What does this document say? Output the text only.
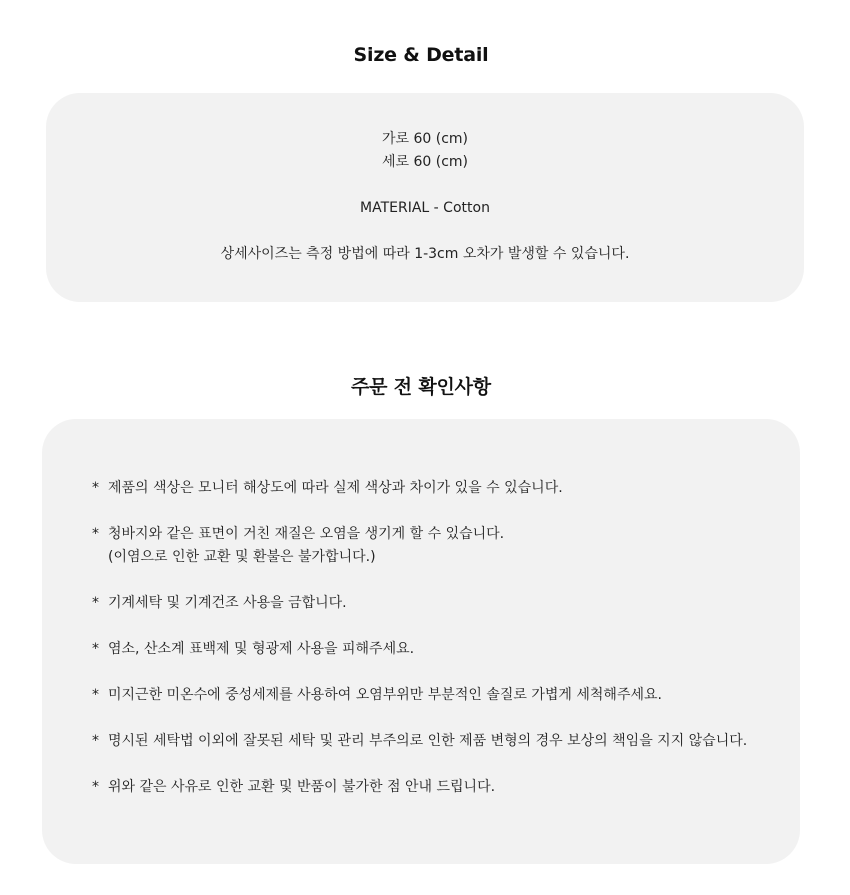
Size & Detail
가로 60 (cm)
세로 60 (cm)
MATERIAL - Cotton
상세사이즈는 측정 방법에 따라 1-3cm 오차가 발생할 수 있습니다.
주문 전 확인사항
* 제품의 색상은 모니터 해상도에 따라 실제 색상과 차이가 있을 수 있습니다.
* 청바지와 같은 표면이 거친 재질은 오염을 생기게 할 수 있습니다.
(이염으로 인한 교환 및 환불은 불가합니다.)
* 기계세탁 및 기계건조 사용을 금합니다.
* 염소, 산소계 표백제 및 형광제 사용을 피해주세요.
* 미지근한 미온수에 중성세제를 사용하여 오염부위만 부분적인 솔질로 가볍게 세척해주세요.
* 명시된 세탁법 이외에 잘못된 세탁 및 관리 부주의로 인한 제품 변형의 경우 보상의 책임을 지지 않습니다.
* 위와 같은 사유로 인한 교환 및 반품이 불가한 점 안내 드립니다.
